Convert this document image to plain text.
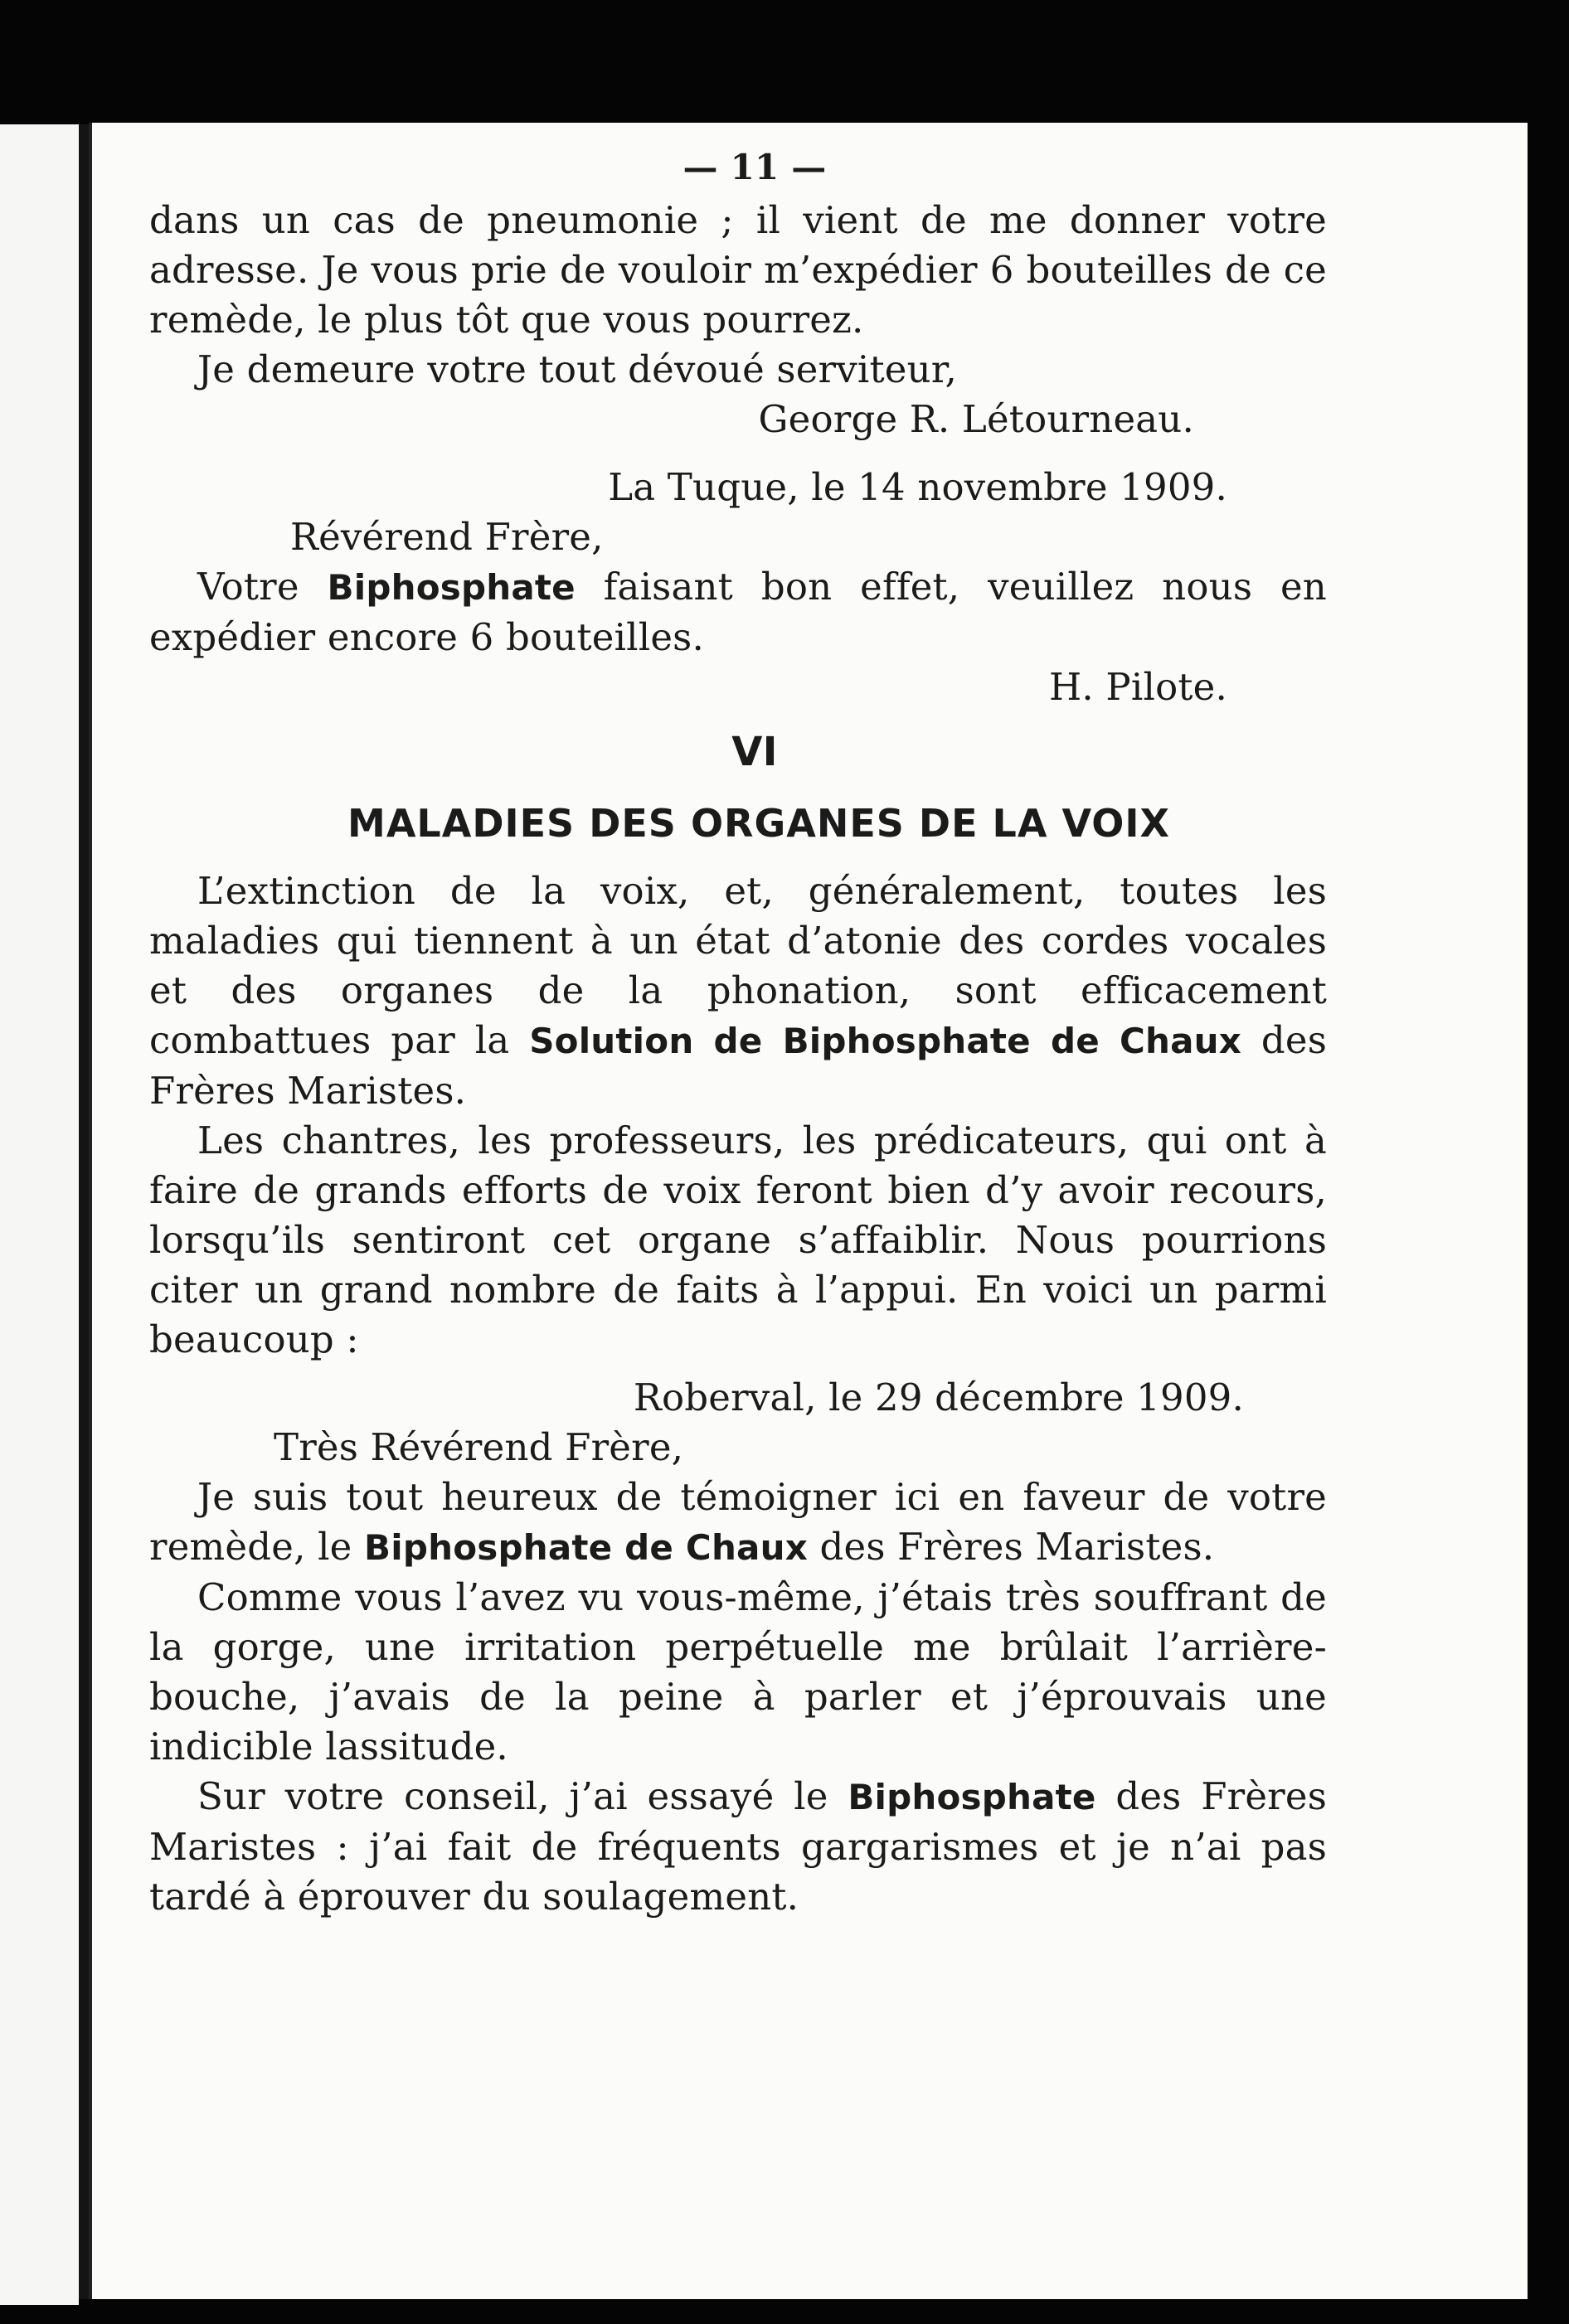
— 11 —

dans un cas de pneumonie ; il vient de me donner votre adresse. Je vous prie de vouloir m’expédier 6 bouteilles de ce remède, le plus tôt que vous pourrez.

Je demeure votre tout dévoué serviteur,

George R. Létourneau.

La Tuque, le 14 novembre 1909.

Révérend Frère,

Votre Biphosphate faisant bon effet, veuillez nous en expédier encore 6 bouteilles.

H. Pilote.

VI
MALADIES DES ORGANES DE LA VOIX

L’extinction de la voix, et, généralement, toutes les maladies qui tiennent à un état d’atonie des cordes vocales et des organes de la phonation, sont efficacement combattues par la Solution de Biphosphate de Chaux des Frères Maristes.

Les chantres, les professeurs, les prédicateurs, qui ont à faire de grands efforts de voix feront bien d’y avoir recours, lorsqu’ils sentiront cet organe s’affaiblir. Nous pourrions citer un grand nombre de faits à l’appui. En voici un parmi beaucoup :

Roberval, le 29 décembre 1909.

Très Révérend Frère,

Je suis tout heureux de témoigner ici en faveur de votre remède, le Biphosphate de Chaux des Frères Maristes.

Comme vous l’avez vu vous-même, j’étais très souffrant de la gorge, une irritation perpétuelle me brûlait l’arrière-bouche, j’avais de la peine à parler et j’éprouvais une indicible lassitude.

Sur votre conseil, j’ai essayé le Biphosphate des Frères Maristes : j’ai fait de fréquents gargarismes et je n’ai pas tardé à éprouver du soulagement.
